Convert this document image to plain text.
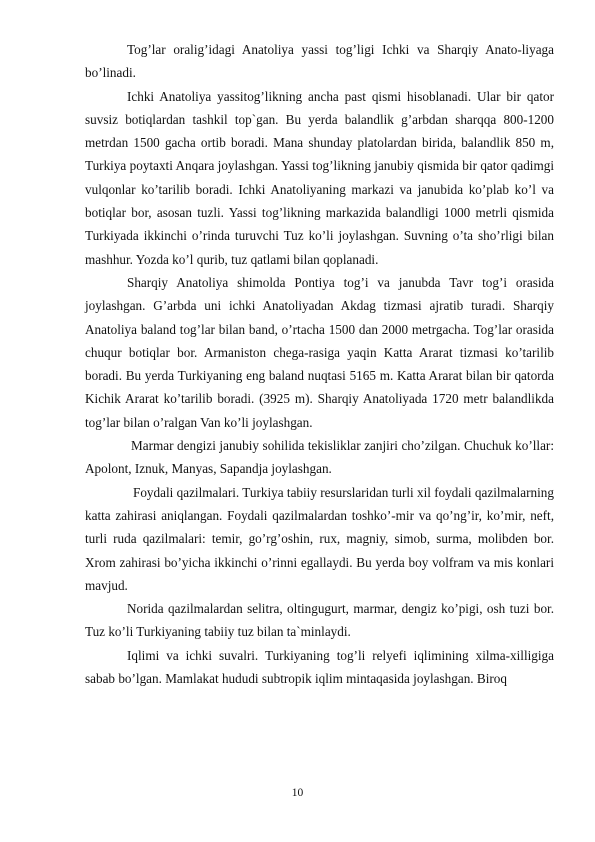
Tog’lar oralig’idagi Anatoliya yassi tog’ligi Ichki va Sharqiy Anato-liyaga bo’linadi.

Ichki Anatoliya yassitog’likning ancha past qismi hisoblanadi. Ular bir qator suvsiz botiqlardan tashkil top`gan. Bu yerda balandlik g’arbdan sharqqa 800-1200 metrdan 1500 gacha ortib boradi. Mana shunday platolardan birida, balandlik 850 m, Turkiya poytaxti Anqara joylashgan. Yassi tog’likning janubiy qismida bir qator qadimgi vulqonlar ko’tarilib boradi. Ichki Anatoliyaning markazi va janubida ko’plab ko’l va botiqlar bor, asosan tuzli. Yassi tog’likning markazida balandligi 1000 metrli qismida Turkiyada ikkinchi o’rinda turuvchi Tuz ko’li joylashgan. Suvning o’ta sho’rligi bilan mashhur. Yozda ko’l qurib, tuz qatlami bilan qoplanadi.

Sharqiy Anatoliya shimolda Pontiya tog’i va janubda Tavr tog’i orasida joylashgan. G’arbda uni ichki Anatoliyadan Akdag tizmasi ajratib turadi. Sharqiy Anatoliya baland tog’lar bilan band, o’rtacha 1500 dan 2000 metrgacha. Tog’lar orasida chuqur botiqlar bor. Armaniston chega-rasiga yaqin Katta Ararat tizmasi ko’tarilib boradi. Bu yerda Turkiyaning eng baland nuqtasi 5165 m. Katta Ararat bilan bir qatorda Kichik Ararat ko’tarilib boradi. (3925 m). Sharqiy Anatoliyada 1720 metr balandlikda tog’lar bilan o’ralgan Van ko’li joylashgan.

Marmar dengizi janubiy sohilida tekisliklar zanjiri cho’zilgan. Chuchuk ko’llar: Apolont, Iznuk, Manyas, Sapandja joylashgan.

Foydali qazilmalari. Turkiya tabiiy resurslaridan turli xil foydali qazilmalarning katta zahirasi aniqlangan. Foydali qazilmalardan toshko’-mir va qo’ng’ir, ko’mir, neft, turli ruda qazilmalari: temir, go’rg’oshin, rux, magniy, simob, surma, molibden bor. Xrom zahirasi bo’yicha ikkinchi o’rinni egallaydi. Bu yerda boy volfram va mis konlari mavjud.

Norida qazilmalardan selitra, oltingugurt, marmar, dengiz ko’pigi, osh tuzi bor. Tuz ko’li Turkiyaning tabiiy tuz bilan ta`minlaydi.

Iqlimi va ichki suvalri. Turkiyaning tog’li relyefi iqlimining xilma-xilligiga sabab bo’lgan. Mamlakat hududi subtropik iqlim mintaqasida joylashgan. Biroq

10
